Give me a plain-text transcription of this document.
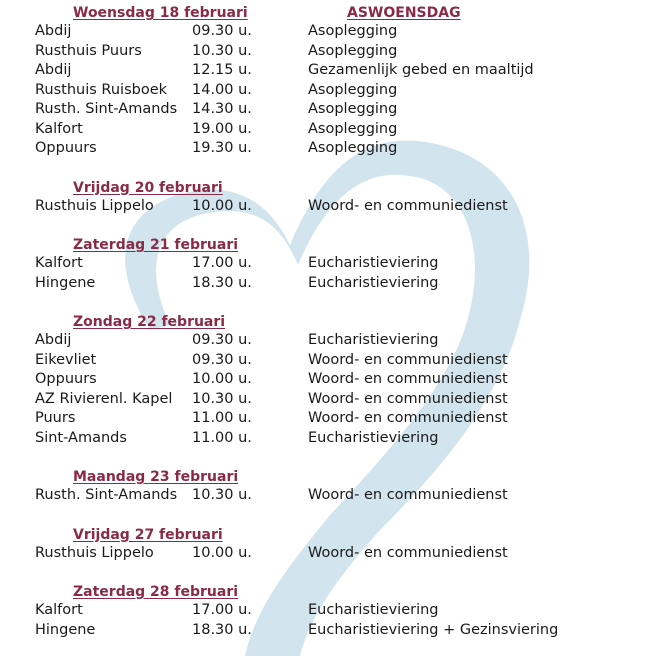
Woensdag 18 februari	ASWOENSDAG
Abdij	09.30 u.	Asoplegging
Rusthuis Puurs	10.30 u.	Asoplegging
Abdij	12.15 u.	Gezamenlijk gebed en maaltijd
Rusthuis Ruisboek 14.00 u.	Asoplegging
Rusth. Sint-Amands 14.30 u.	Asoplegging
Kalfort	19.00 u.	Asoplegging
Oppuurs	19.30 u.	Asoplegging
Vrijdag 20 februari
Rusthuis Lippelo	10.00 u.	Woord- en communiedienst
Zaterdag 21 februari
Kalfort	17.00 u.	Eucharistieviering
Hingene	18.30 u.	Eucharistieviering
Zondag 22 februari
Abdij	09.30 u.	Eucharistieviering
Eikevliet	09.30 u.	Woord- en communiedienst
Oppuurs	10.00 u.	Woord- en communiedienst
AZ Rivierenl. Kapel 10.30 u.	Woord- en communiedienst
Puurs	11.00 u.	Woord- en communiedienst
Sint-Amands	11.00 u.	Eucharistieviering
Maandag 23 februari
Rusth. Sint-Amands 10.30 u.	Woord- en communiedienst
Vrijdag 27 februari
Rusthuis Lippelo	10.00 u.	Woord- en communiedienst
Zaterdag 28 februari
Kalfort	17.00 u.	Eucharistieviering
Hingene	18.30 u.	Eucharistieviering + Gezinsviering
